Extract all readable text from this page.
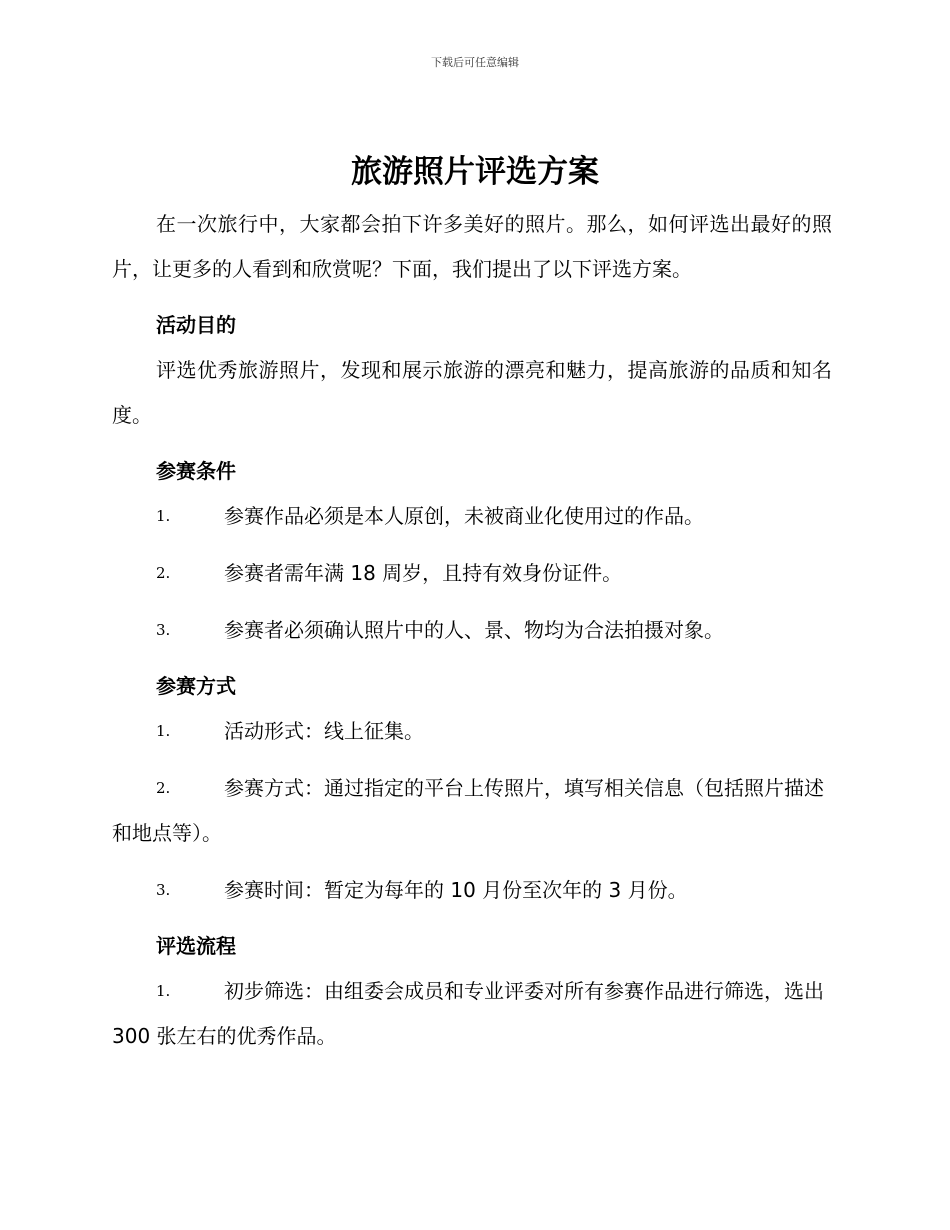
下载后可任意编辑
旅游照片评选方案

在一次旅行中，大家都会拍下许多美好的照片。那么，如何评选出最好的照片，让更多的人看到和欣赏呢？下面，我们提出了以下评选方案。

活动目的

评选优秀旅游照片，发现和展示旅游的漂亮和魅力，提高旅游的品质和知名度。

参赛条件

1.	参赛作品必须是本人原创，未被商业化使用过的作品。

2.	参赛者需年满 18 周岁，且持有效身份证件。

3.	参赛者必须确认照片中的人、景、物均为合法拍摄对象。

参赛方式

1.	活动形式：线上征集。

2.	参赛方式：通过指定的平台上传照片，填写相关信息（包括照片描述和地点等）。

3.	参赛时间：暂定为每年的 10 月份至次年的 3 月份。

评选流程

1.	初步筛选：由组委会成员和专业评委对所有参赛作品进行筛选，选出 300 张左右的优秀作品。
